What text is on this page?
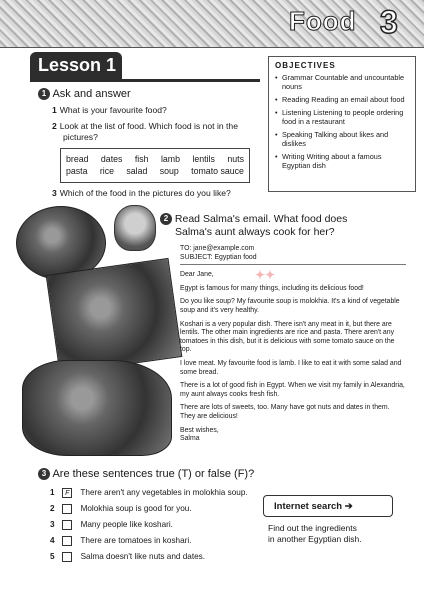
Food 3
Lesson 1	OBJECTIVES
• Grammar Countable and uncountable nouns
• Reading Reading an email about food
• Listening Listening to people ordering food in a restaurant
• Speaking Talking about likes and dislikes
• Writing Writing about a famous Egyptian dish
1 Ask and answer
1 What is your favourite food?
2 Look at the list of food. Which food is not in the
pictures?
bread dates fish lamb lentils nuts
pasta rice salad soup tomato sauce
3 Which of the food in the pictures do you like?
2 Read Salma's email. What food does
Salma's aunt always cook for her?
TO: jane@example.com
SUBJECT: Egyptian food

Dear Jane,

Egypt is famous for many things, including its delicious food!

Do you like soup? My favourite soup is molokhia. It's a kind of vegetable soup and it's very healthy.

Koshari is a very popular dish. There isn't any meat in it, but there are lentils. The other main ingredients are rice and pasta. There aren't any tomatoes in this dish, but it is delicious with some tomato sauce on the top.

I love meat. My favourite food is lamb. I like to eat it with some salad and some bread.

There is a lot of good fish in Egypt. When we visit my family in Alexandria, my aunt always cooks fresh fish.

There are lots of sweets, too. Many have got nuts and dates in them. They are delicious!

Best wishes,
Salma
✦✦
3 Are these sentences true (T) or false (F)?
1 F There aren't any vegetables in molokhia soup.
2	Molokhia soup is good for you.
3	Many people like koshari.
4	There are tomatoes in koshari.
5	Salma doesn't like nuts and dates.
Internet search ➔
Find out the ingredients
in another Egyptian dish.
